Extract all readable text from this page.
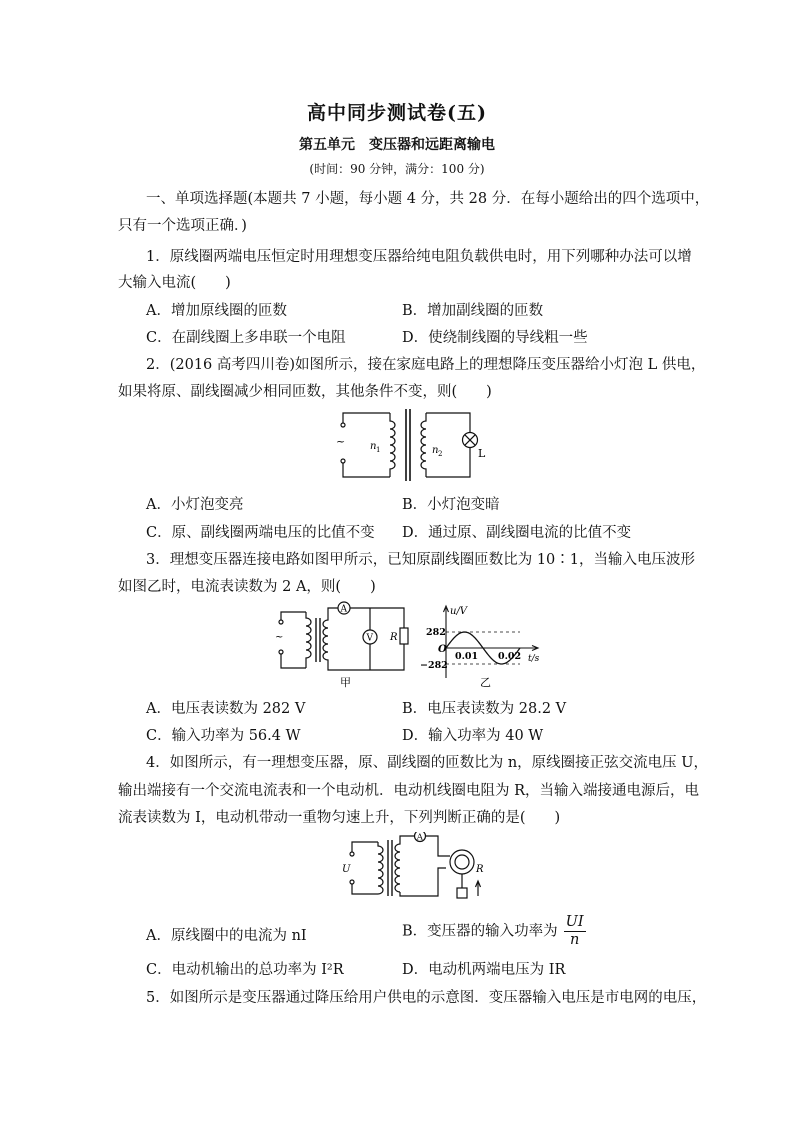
高中同步测试卷(五)
第五单元　变压器和远距离输电
(时间：90 分钟，满分：100 分)
一、单项选择题(本题共 7 小题，每小题 4 分，共 28 分．在每小题给出的四个选项中，
只有一个选项正确．)
1．原线圈两端电压恒定时用理想变压器给纯电阻负载供电时，用下列哪种办法可以增
大输入电流(　　)
A．增加原线圈的匝数	B．增加副线圈的匝数
C．在副线圈上多串联一个电阻	D．使绕制线圈的导线粗一些
2．(2016 高考四川卷)如图所示，接在家庭电路上的理想降压变压器给小灯泡 L 供电，
如果将原、副线圈减少相同匝数，其他条件不变，则(　　)
~ n 1	n 2	L
A．小灯泡变亮	B．小灯泡变暗
C．原、副线圈两端电压的比值不变 D．通过原、副线圈电流的比值不变
3．理想变压器连接电路如图甲所示，已知原副线圈匝数比为 10∶1，当输入电压波形
如图乙时，电流表读数为 2 A，则(　　)
~
A
V R
甲
u/V
t/s
O
282
−282
0.01 0.02
乙
A．电压表读数为 282 V	B．电压表读数为 28.2 V
C．输入功率为 56.4 W	D．输入功率为 40 W
4．如图所示，有一理想变压器，原、副线圈的匝数比为 n，原线圈接正弦交流电压 U，
输出端接有一个交流电流表和一个电动机．电动机线圈电阻为 R，当输入端接通电源后，电
流表读数为 I，电动机带动一重物匀速上升，下列判断正确的是(　　)
U
A
R
A．原线圈中的电流为 nI	B．变压器的输入功率为 $\frac{UI}{n}$
C．电动机输出的总功率为 I²R	D．电动机两端电压为 IR
5．如图所示是变压器通过降压给用户供电的示意图．变压器输入电压是市电网的电压，
